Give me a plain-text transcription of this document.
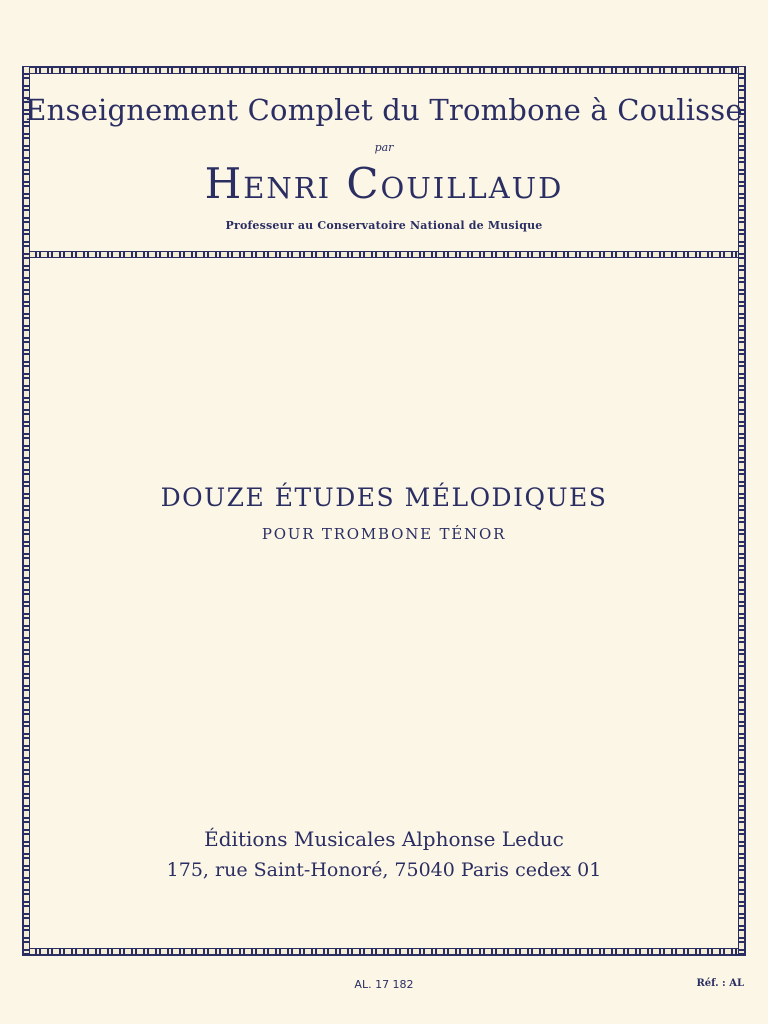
Enseignement Complet du Trombone à Coulisse
par
Henri Couillaud
Professeur au Conservatoire National de Musique
DOUZE ÉTUDES MÉLODIQUES
POUR TROMBONE TÉNOR
Éditions Musicales Alphonse Leduc
175, rue Saint-Honoré, 75040 Paris cedex 01
AL. 17 182	Réf. : AL
